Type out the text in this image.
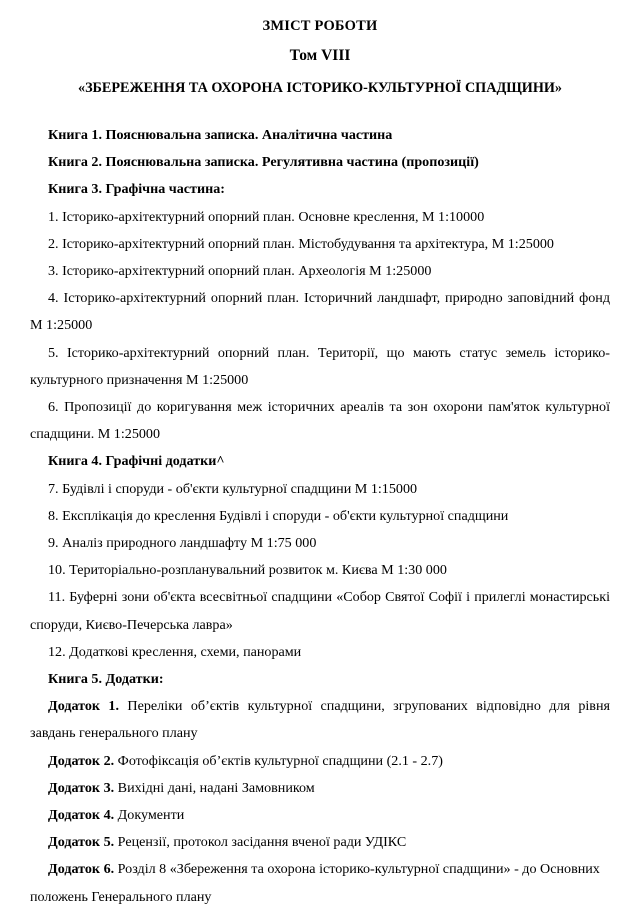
ЗМІСТ РОБОТИ
Том VIII
«ЗБЕРЕЖЕННЯ ТА ОХОРОНА ІСТОРИКО-КУЛЬТУРНОЇ СПАДЩИНИ»

Книга 1. Пояснювальна записка. Аналітична частина

Книга 2. Пояснювальна записка. Регулятивна частина (пропозиції)

Книга 3. Графічна частина:

1. Історико-архітектурний опорний план. Основне креслення, М 1:10000

2. Історико-архітектурний опорний план. Містобудування та архітектура, М 1:25000

3. Історико-архітектурний опорний план. Археологія М 1:25000

4. Історико-архітектурний опорний план. Історичний ландшафт, природно заповідний фонд М 1:25000

5. Історико-архітектурний опорний план. Території, що мають статус земель історико-культурного призначення М 1:25000

6. Пропозиції до коригування меж історичних ареалів та зон охорони пам'яток культурної спадщини. М 1:25000

Книга 4. Графічні додатки^

7. Будівлі і споруди - об'єкти культурної спадщини М 1:15000

8. Експлікація до креслення Будівлі і споруди - об'єкти культурної спадщини

9. Аналіз природного ландшафту М 1:75 000

10. Територіально-розпланувальний розвиток м. Києва М 1:30 000

11. Буферні зони об'єкта всесвітньої спадщини «Собор Святої Софії і прилеглі монастирські споруди, Києво-Печерська лавра»

12. Додаткові креслення, схеми, панорами

Книга 5. Додатки:

Додаток 1. Переліки об’єктів культурної спадщини, згрупованих відповідно для рівня завдань генерального плану

Додаток 2. Фотофіксація об’єктів культурної спадщини (2.1 - 2.7)

Додаток 3. Вихідні дані, надані Замовником

Додаток 4. Документи

Додаток 5. Рецензії, протокол засідання вченої ради УДІКС

Додаток 6. Розділ 8 «Збереження та охорона історико-культурної спадщини» - до Основних положень Генерального плану
